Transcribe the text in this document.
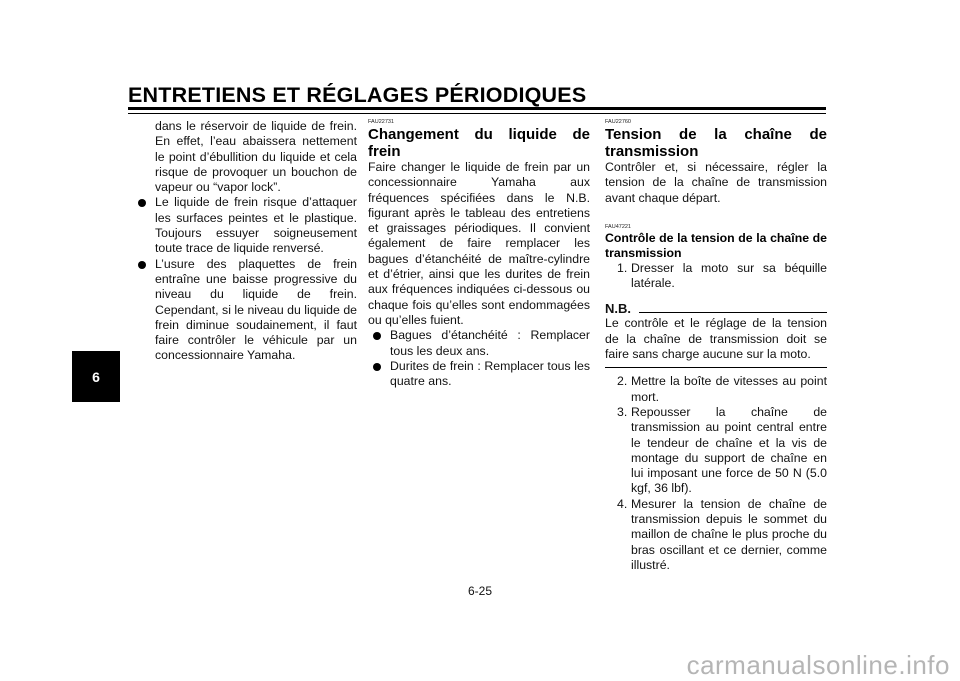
ENTRETIENS ET RÉGLAGES PÉRIODIQUES
6

dans le réservoir de liquide de frein. En effet, l’eau abaissera nettement le point d’ébullition du liquide et cela risque de provoquer un bouchon de vapeur ou “vapor lock”.

Le liquide de frein risque d’attaquer les surfaces peintes et le plastique. Toujours essuyer soigneusement toute trace de liquide renversé.

L’usure des plaquettes de frein entraîne une baisse progressive du niveau du liquide de frein. Cependant, si le niveau du liquide de frein diminue soudainement, il faut faire contrôler le véhicule par un concessionnaire Yamaha.

FAU22731

Changement du liquide de frein

Faire changer le liquide de frein par un concessionnaire Yamaha aux fréquences spécifiées dans le N.B. figurant après le tableau des entretiens et graissages périodiques. Il convient également de faire remplacer les bagues d’étanchéité de maître-cylindre et d’étrier, ainsi que les durites de frein aux fréquences indiquées ci-dessous ou chaque fois qu’elles sont endommagées ou qu’elles fuient.

Bagues d’étanchéité : Remplacer tous les deux ans.

Durites de frein : Remplacer tous les quatre ans.

FAU22760

Tension de la chaîne de transmission

Contrôler et, si nécessaire, régler la tension de la chaîne de transmission avant chaque départ.

FAU47221

Contrôle de la tension de la chaîne de transmission

1. Dresser la moto sur sa béquille latérale.

N.B.

Le contrôle et le réglage de la tension de la chaîne de transmission doit se faire sans charge aucune sur la moto.

2. Mettre la boîte de vitesses au point mort.

3. Repousser la chaîne de transmission au point central entre le tendeur de chaîne et la vis de montage du support de chaîne en lui imposant une force de 50 N (5.0 kgf, 36 lbf).

4. Mesurer la tension de chaîne de transmission depuis le sommet du maillon de chaîne le plus proche du bras oscillant et ce dernier, comme illustré.

6-25
carmanualsonline.info
